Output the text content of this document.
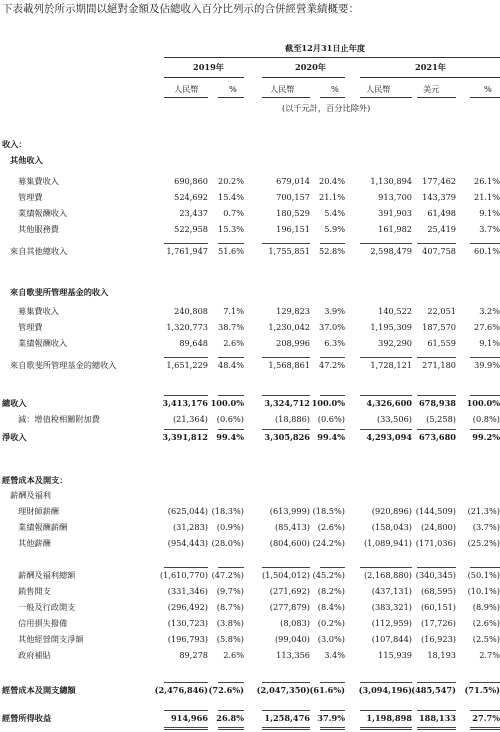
下表載列於所示期間以絕對金額及佔總收入百分比列示的合併經營業績概要：
截至12月31日止年度
2019年	2020年	2021年
人民幣	%	人民幣	%	人民幣	美元	%
(以千元計，百分比除外)
收入：
其他收入
募集費收入	690,860	20.2%	679,014	20.4%	1,130,894	177,462	26.1%
管理費	524,692	15.4%	700,157	21.1%	913,700	143,379	21.1%
業績報酬收入	23,437	0.7%	180,529	5.4%	391,903	61,498	9.1%
其他服務費	522,958	15.3%	196,151	5.9%	161,982	25,419	3.7%
來自其他總收入	1,761,947	51.6%	1,755,851	52.8%	2,598,479	407,758	60.1%
來自歌斐所管理基金的收入
募集費收入	240,808	7.1%	129,823	3.9%	140,522	22,051	3.2%
管理費	1,320,773	38.7%	1,230,042	37.0%	1,195,309	187,570	27.6%
業績報酬收入	89,648	2.6%	208,996	6.3%	392,290	61,559	9.1%
來自歌斐所管理基金的總收入	1,651,229	48.4%	1,568,861	47.2%	1,728,121	271,180	39.9%
總收入	3,413,176 100.0%	3,324,712 100.0%	4,326,600 678,938	100.0%
減：增值稅相關附加費	(21,364)	(0.6%)	(18,886) (0.6%)	(33,506)	(5,258)	(0.8%)
淨收入	3,391,812	99.4%	3,305,826 99.4%	4,293,094 673,680	99.2%
經營成本及開支：
薪酬及福利
理財師薪酬	(625,044) (18.3%)	(613,999) (18.5%)	(920,896) (144,509)	(21.3%)
業績報酬薪酬	(31,283)	(0.9%)	(85,413) (2.6%)	(158,043)	(24,800)	(3.7%)
其他薪酬	(954,443) (28.0%)	(804,600) (24.2%)	(1,089,941) (171,036)	(25.2%)
薪酬及福利總額	(1,610,770) (47.2%)	(1,504,012) (45.2%)	(2,168,880) (340,345)	(50.1%)
銷售開支	(331,346)	(9.7%)	(271,692) (8.2%)	(437,131)	(68,595)	(10.1%)
一般及行政開支	(296,492)	(8.7%)	(277,879) (8.4%)	(383,321)	(60,151)	(8.9%)
信用損失撥備	(130,723)	(3.8%)	(8,083) (0.2%)	(112,959)	(17,726)	(2.6%)
其他經營開支淨額	(196,793)	(5.8%)	(99,040) (3.0%)	(107,844)	(16,923)	(2.5%)
政府補貼	89,278	2.6%	113,356	3.4%	115,939	18,193	2.7%
經營成本及開支總額	(2,476,846) (72.6%)	(2,047,350) (61.6%)	(3,094,196) (485,547)	(71.5%)
經營所得收益	914,966	26.8%	1,258,476 37.9%	1,198,898 188,133	27.7%
